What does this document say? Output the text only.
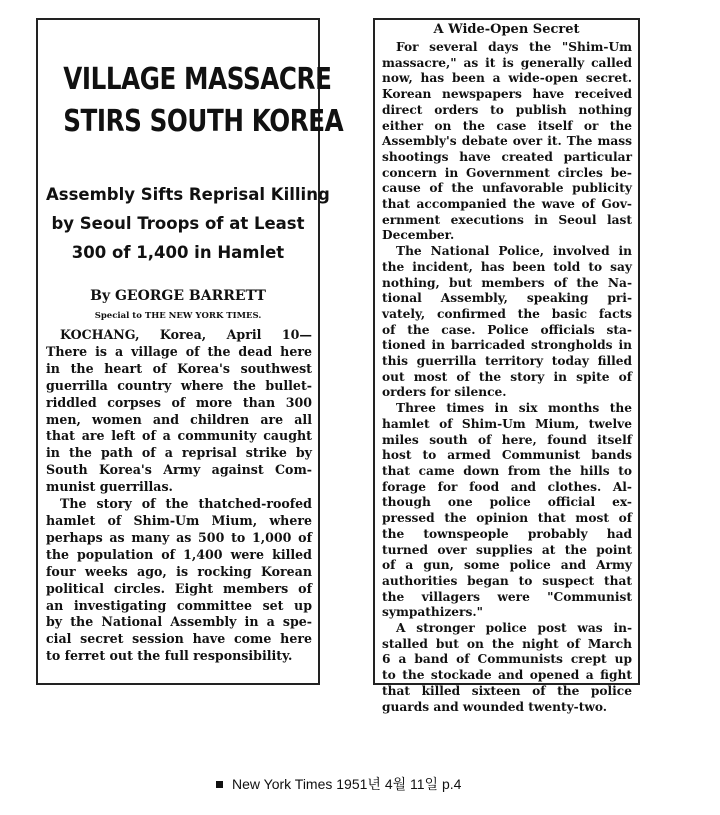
VILLAGE MASSACRE
STIRS SOUTH KOREA
Assembly Sifts Reprisal Killing
by Seoul Troops of at Least
300 of 1,400 in Hamlet
By GEORGE BARRETT
Special to THE NEW YORK TIMES.
KOCHANG, Korea, April 10—
There is a village of the dead here
in the heart of Korea's southwest
guerrilla country where the bullet-
riddled corpses of more than 300
men, women and children are all
that are left of a community caught
in the path of a reprisal strike by
South Korea's Army against Com-
munist guerrillas.
The story of the thatched-roofed
hamlet of Shim-Um Mium, where
perhaps as many as 500 to 1,000 of
the population of 1,400 were killed
four weeks ago, is rocking Korean
political circles. Eight members of
an investigating committee set up
by the National Assembly in a spe-
cial secret session have come here
to ferret out the full responsibility.
A Wide-Open Secret
For several days the "Shim-Um
massacre," as it is generally called
now, has been a wide-open secret.
Korean newspapers have received
direct orders to publish nothing
either on the case itself or the
Assembly's debate over it. The mass
shootings have created particular
concern in Government circles be-
cause of the unfavorable publicity
that accompanied the wave of Gov-
ernment executions in Seoul last
December.
The National Police, involved in
the incident, has been told to say
nothing, but members of the Na-
tional Assembly, speaking pri-
vately, confirmed the basic facts
of the case. Police officials sta-
tioned in barricaded strongholds in
this guerrilla territory today filled
out most of the story in spite of
orders for silence.
Three times in six months the
hamlet of Shim-Um Mium, twelve
miles south of here, found itself
host to armed Communist bands
that came down from the hills to
forage for food and clothes. Al-
though one police official ex-
pressed the opinion that most of
the townspeople probably had
turned over supplies at the point
of a gun, some police and Army
authorities began to suspect that
the villagers were "Communist
sympathizers."
A stronger police post was in-
stalled but on the night of March
6 a band of Communists crept up
to the stockade and opened a fight
that killed sixteen of the police
guards and wounded twenty-two.
New York Times 1951년 4월 11일 p.4
